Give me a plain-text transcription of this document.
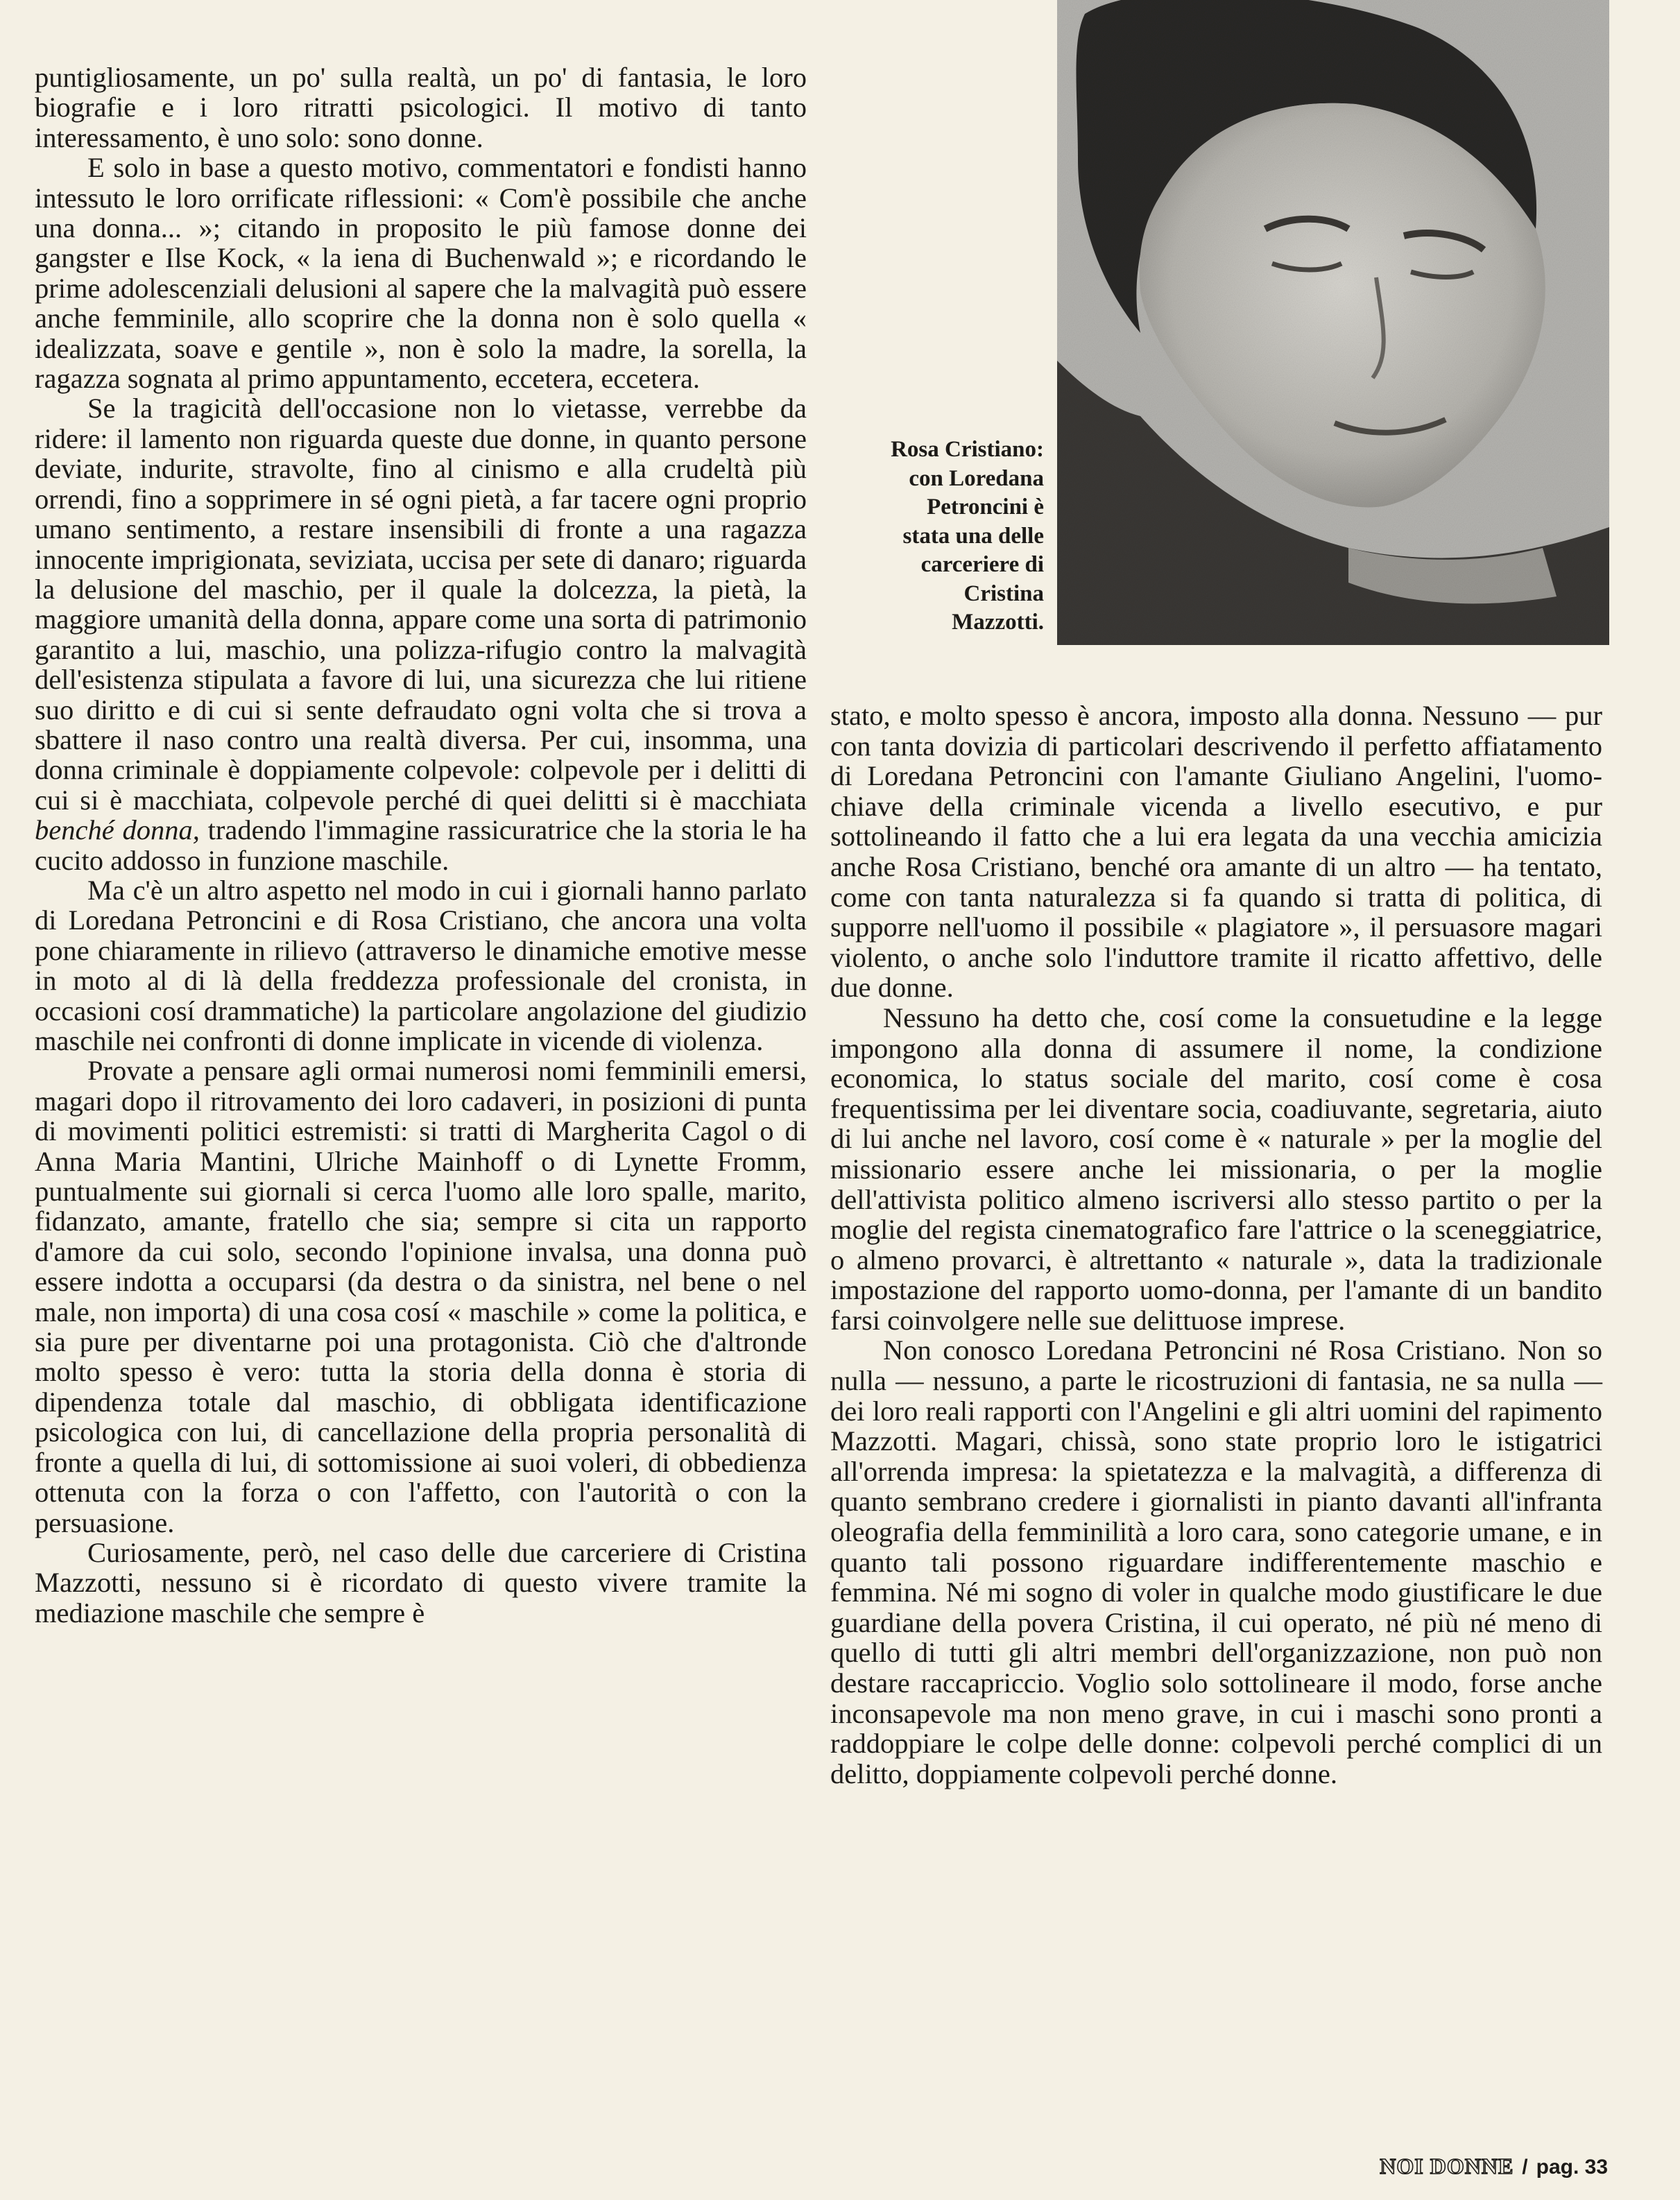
puntigliosamente, un po' sulla realtà, un po' di fantasia, le loro biografie e i loro ritratti psicologici. Il motivo di tanto interessamento, è uno solo: sono donne.

E solo in base a questo motivo, commentatori e fondisti hanno intessuto le loro orrificate riflessioni: « Com'è possibile che anche una donna... »; citando in proposito le più famose donne dei gangster e Ilse Kock, « la iena di Buchenwald »; e ricordando le prime adolescenziali delusioni al sapere che la malvagità può essere anche femminile, allo scoprire che la donna non è solo quella « idealizzata, soave e gentile », non è solo la madre, la sorella, la ragazza sognata al primo appuntamento, eccetera, eccetera.

Se la tragicità dell'occasione non lo vietasse, verrebbe da ridere: il lamento non riguarda queste due donne, in quanto persone deviate, indurite, stravolte, fino al cinismo e alla crudeltà più orrendi, fino a sopprimere in sé ogni pietà, a far tacere ogni proprio umano sentimento, a restare insensibili di fronte a una ragazza innocente imprigionata, seviziata, uccisa per sete di danaro; riguarda la delusione del maschio, per il quale la dolcezza, la pietà, la maggiore umanità della donna, appare come una sorta di patrimonio garantito a lui, maschio, una polizza-rifugio contro la malvagità dell'esistenza stipulata a favore di lui, una sicurezza che lui ritiene suo diritto e di cui si sente defraudato ogni volta che si trova a sbattere il naso contro una realtà diversa. Per cui, insomma, una donna criminale è doppiamente colpevole: colpevole per i delitti di cui si è macchiata, colpevole perché di quei delitti si è macchiata benché donna, tradendo l'immagine rassicuratrice che la storia le ha cucito addosso in funzione maschile.

Ma c'è un altro aspetto nel modo in cui i giornali hanno parlato di Loredana Petroncini e di Rosa Cristiano, che ancora una volta pone chiaramente in rilievo (attraverso le dinamiche emotive messe in moto al di là della freddezza professionale del cronista, in occasioni cosí drammatiche) la particolare angolazione del giudizio maschile nei confronti di donne implicate in vicende di violenza.

Provate a pensare agli ormai numerosi nomi femminili emersi, magari dopo il ritrovamento dei loro cadaveri, in posizioni di punta di movimenti politici estremisti: si tratti di Margherita Cagol o di Anna Maria Mantini, Ulriche Mainhoff o di Lynette Fromm, puntualmente sui giornali si cerca l'uomo alle loro spalle, marito, fidanzato, amante, fratello che sia; sempre si cita un rapporto d'amore da cui solo, secondo l'opinione invalsa, una donna può essere indotta a occuparsi (da destra o da sinistra, nel bene o nel male, non importa) di una cosa cosí « maschile » come la politica, e sia pure per diventarne poi una protagonista. Ciò che d'altronde molto spesso è vero: tutta la storia della donna è storia di dipendenza totale dal maschio, di obbligata identificazione psicologica con lui, di cancellazione della propria personalità di fronte a quella di lui, di sottomissione ai suoi voleri, di obbedienza ottenuta con la forza o con l'affetto, con l'autorità o con la persuasione.

Curiosamente, però, nel caso delle due carceriere di Cristina Mazzotti, nessuno si è ricordato di questo vivere tramite la mediazione maschile che sempre è

Rosa Cristiano:
con Loredana
Petroncini è
stata una delle
carceriere di
Cristina
Mazzotti.

stato, e molto spesso è ancora, imposto alla donna. Nessuno — pur con tanta dovizia di particolari descrivendo il perfetto affiatamento di Loredana Petroncini con l'amante Giuliano Angelini, l'uomo-chiave della criminale vicenda a livello esecutivo, e pur sottolineando il fatto che a lui era legata da una vecchia amicizia anche Rosa Cristiano, benché ora amante di un altro — ha tentato, come con tanta naturalezza si fa quando si tratta di politica, di supporre nell'uomo il possibile « plagiatore », il persuasore magari violento, o anche solo l'induttore tramite il ricatto affettivo, delle due donne.

Nessuno ha detto che, cosí come la consuetudine e la legge impongono alla donna di assumere il nome, la condizione economica, lo status sociale del marito, cosí come è cosa frequentissima per lei diventare socia, coadiuvante, segretaria, aiuto di lui anche nel lavoro, cosí come è « naturale » per la moglie del missionario essere anche lei missionaria, o per la moglie dell'attivista politico almeno iscriversi allo stesso partito o per la moglie del regista cinematografico fare l'attrice o la sceneggiatrice, o almeno provarci, è altrettanto « naturale », data la tradizionale impostazione del rapporto uomo-donna, per l'amante di un bandito farsi coinvolgere nelle sue delittuose imprese.

Non conosco Loredana Petroncini né Rosa Cristiano. Non so nulla — nessuno, a parte le ricostruzioni di fantasia, ne sa nulla — dei loro reali rapporti con l'Angelini e gli altri uomini del rapimento Mazzotti. Magari, chissà, sono state proprio loro le istigatrici all'orrenda impresa: la spietatezza e la malvagità, a differenza di quanto sembrano credere i giornalisti in pianto davanti all'infranta oleografia della femminilità a loro cara, sono categorie umane, e in quanto tali possono riguardare indifferentemente maschio e femmina. Né mi sogno di voler in qualche modo giustificare le due guardiane della povera Cristina, il cui operato, né più né meno di quello di tutti gli altri membri dell'organizzazione, non può non destare raccapriccio. Voglio solo sottolineare il modo, forse anche inconsapevole ma non meno grave, in cui i maschi sono pronti a raddoppiare le colpe delle donne: colpevoli perché complici di un delitto, doppiamente colpevoli perché donne.

NOI DONNE / pag. 33
